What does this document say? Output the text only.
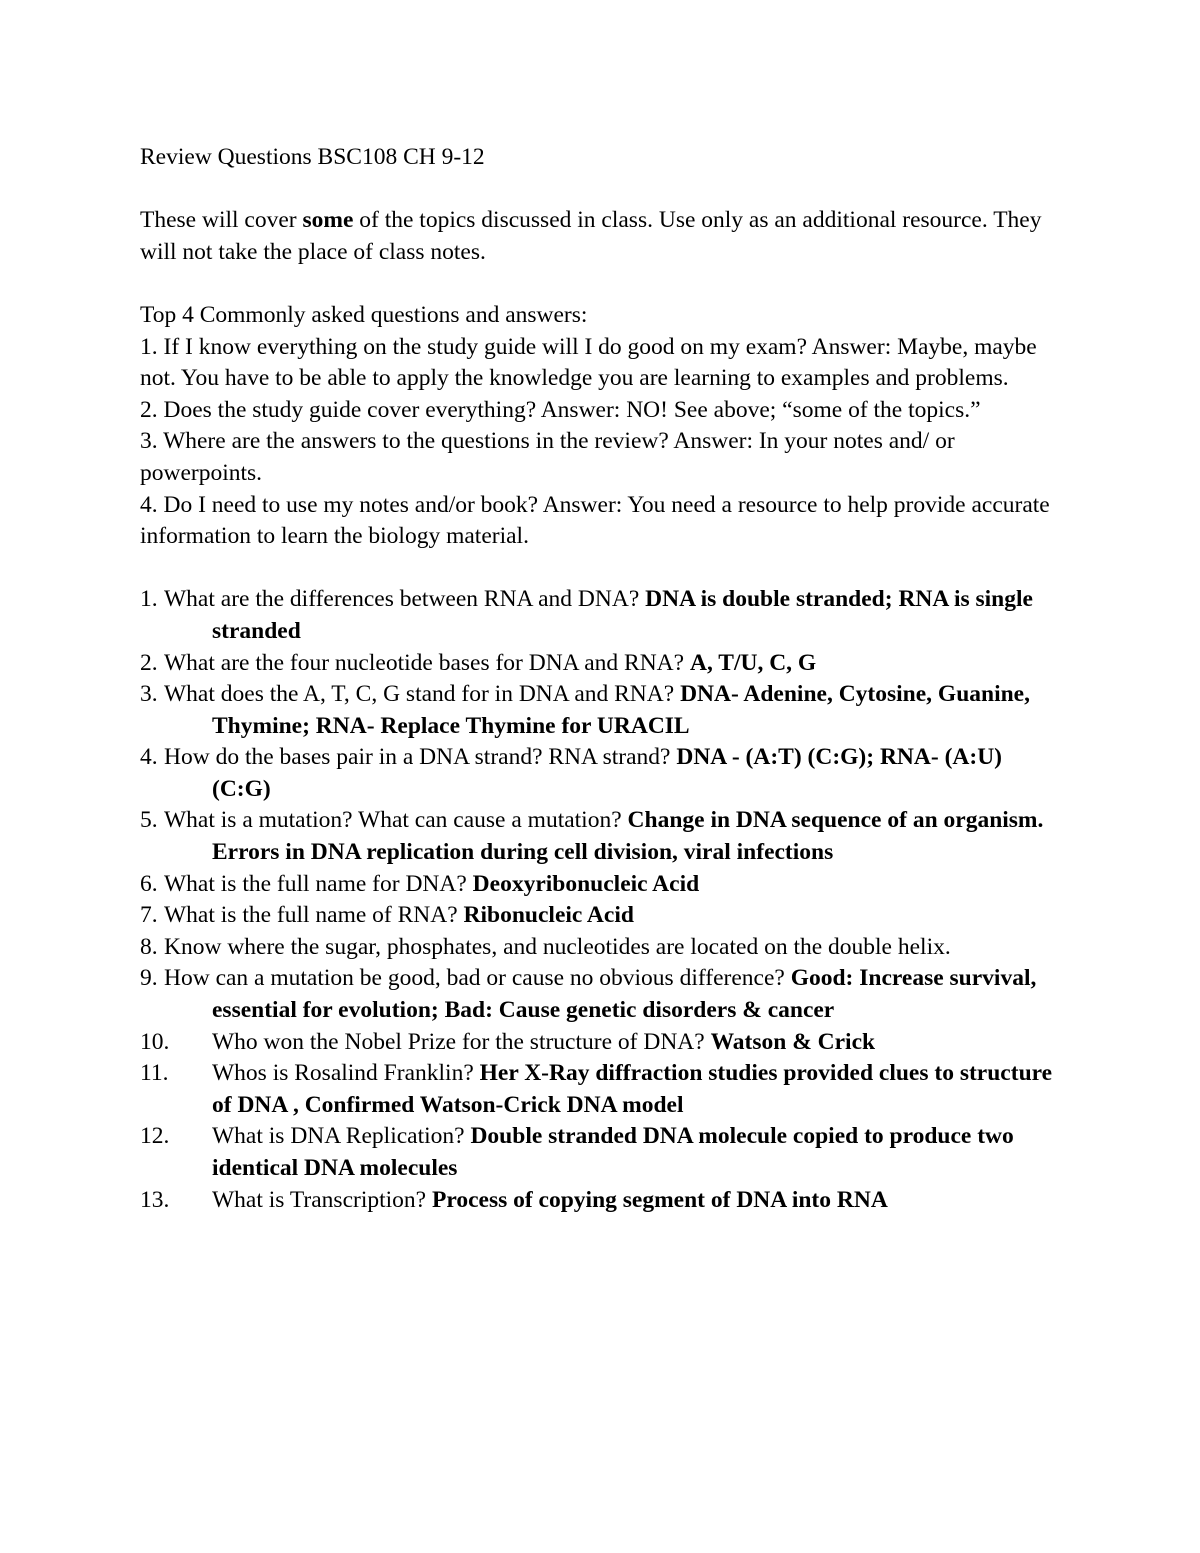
Review Questions BSC108 CH 9-12

These will cover some of the topics discussed in class. Use only as an additional resource. They will not take the place of class notes.

Top 4 Commonly asked questions and answers:

1. If I know everything on the study guide will I do good on my exam? Answer: Maybe, maybe not. You have to be able to apply the knowledge you are learning to examples and problems.

2. Does the study guide cover everything? Answer: NO! See above; “some of the topics.”

3. Where are the answers to the questions in the review? Answer: In your notes and/ or powerpoints.

4. Do I need to use my notes and/or book? Answer: You need a resource to help provide accurate information to learn the biology material.

1. What are the differences between RNA and DNA? DNA is double stranded; RNA is single stranded
2. What are the four nucleotide bases for DNA and RNA? A, T/U, C, G
3. What does the A, T, C, G stand for in DNA and RNA? DNA- Adenine, Cytosine, Guanine, Thymine; RNA- Replace Thymine for URACIL
4. How do the bases pair in a DNA strand? RNA strand? DNA - (A:T) (C:G); RNA- (A:U) (C:G)
5. What is a mutation? What can cause a mutation? Change in DNA sequence of an organism. Errors in DNA replication during cell division, viral infections
6. What is the full name for DNA? Deoxyribonucleic Acid
7. What is the full name of RNA? Ribonucleic Acid
8. Know where the sugar, phosphates, and nucleotides are located on the double helix.
9. How can a mutation be good, bad or cause no obvious difference? Good: Increase survival, essential for evolution; Bad: Cause genetic disorders & cancer
10. Who won the Nobel Prize for the structure of DNA? Watson & Crick
11. Whos is Rosalind Franklin? Her X-Ray diffraction studies provided clues to structure of DNA , Confirmed Watson-Crick DNA model
12. What is DNA Replication? Double stranded DNA molecule copied to produce two identical DNA molecules
13. What is Transcription? Process of copying segment of DNA into RNA
